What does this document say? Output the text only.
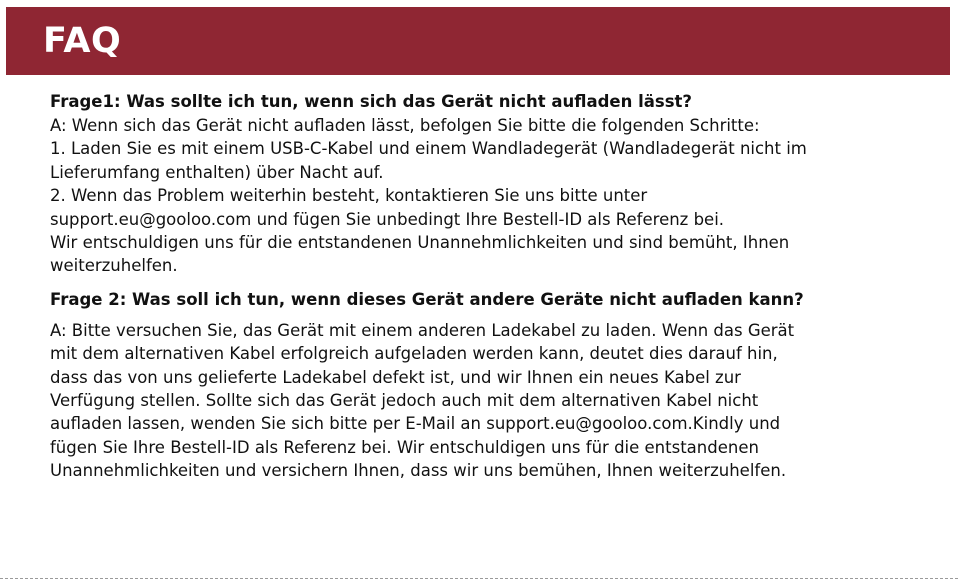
FAQ

Frage1: Was sollte ich tun, wenn sich das Gerät nicht aufladen lässt?

A: Wenn sich das Gerät nicht aufladen lässt, befolgen Sie bitte die folgenden Schritte:

1. Laden Sie es mit einem USB-C-Kabel und einem Wandladegerät (Wandladegerät nicht im

Lieferumfang enthalten) über Nacht auf.

2. Wenn das Problem weiterhin besteht, kontaktieren Sie uns bitte unter

support.eu@gooloo.com und fügen Sie unbedingt Ihre Bestell-ID als Referenz bei.

Wir entschuldigen uns für die entstandenen Unannehmlichkeiten und sind bemüht, Ihnen

weiterzuhelfen.

Frage 2: Was soll ich tun, wenn dieses Gerät andere Geräte nicht aufladen kann?

A: Bitte versuchen Sie, das Gerät mit einem anderen Ladekabel zu laden. Wenn das Gerät

mit dem alternativen Kabel erfolgreich aufgeladen werden kann, deutet dies darauf hin,

dass das von uns gelieferte Ladekabel defekt ist, und wir Ihnen ein neues Kabel zur

Verfügung stellen. Sollte sich das Gerät jedoch auch mit dem alternativen Kabel nicht

aufladen lassen, wenden Sie sich bitte per E-Mail an support.eu@gooloo.com.Kindly und

fügen Sie Ihre Bestell-ID als Referenz bei. Wir entschuldigen uns für die entstandenen

Unannehmlichkeiten und versichern Ihnen, dass wir uns bemühen, Ihnen weiterzuhelfen.
